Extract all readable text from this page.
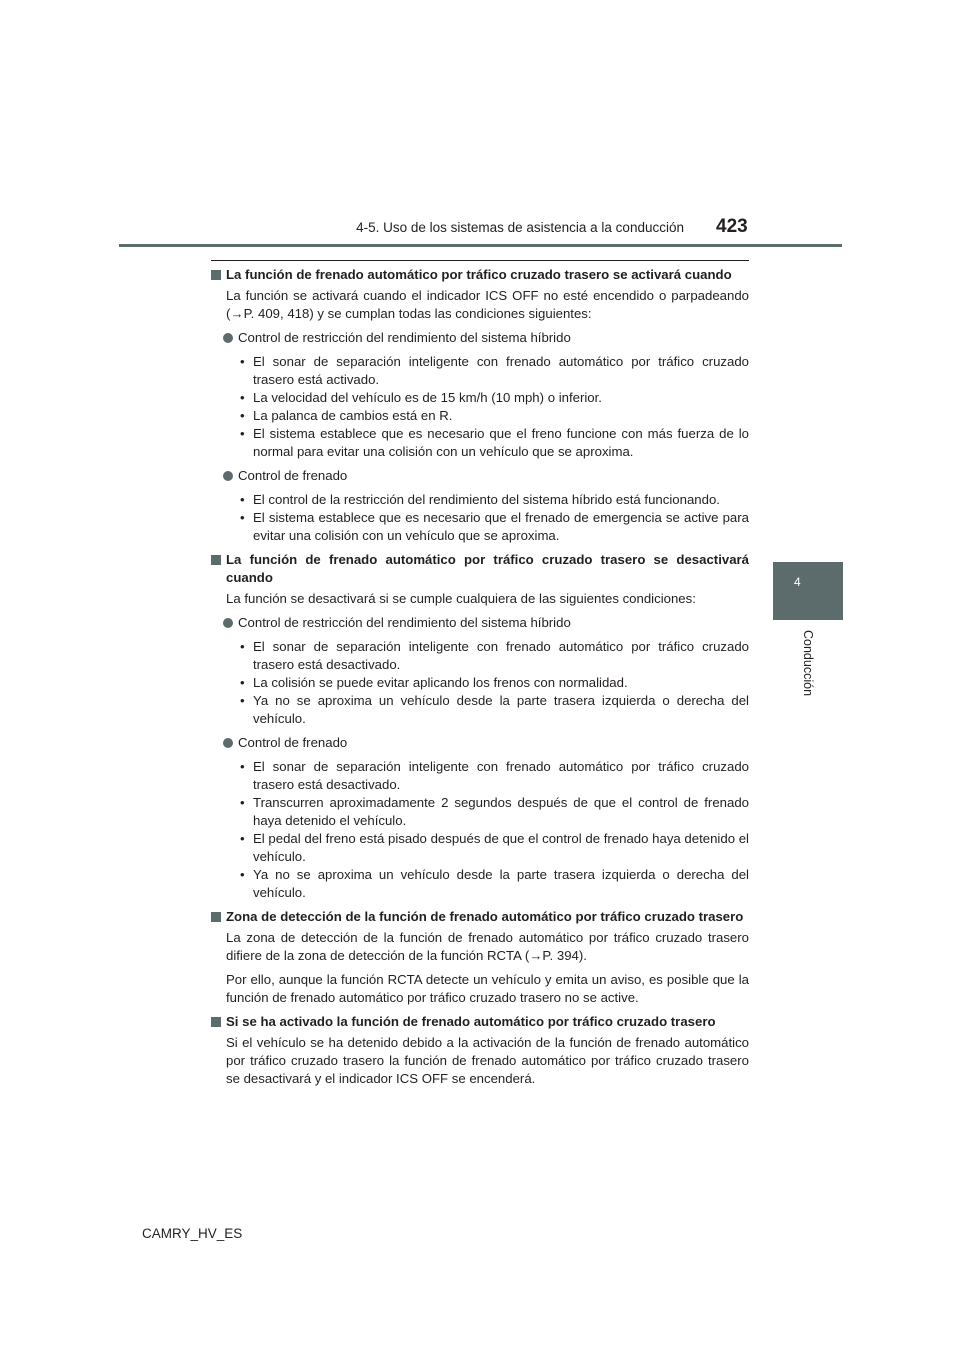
4-5. Uso de los sistemas de asistencia a la conducción 423
4
Conducción
La función de frenado automático por tráfico cruzado trasero se activará cuando
La función se activará cuando el indicador ICS OFF no esté encendido o parpadeando (→P. 409, 418) y se cumplan todas las condiciones siguientes:
Control de restricción del rendimiento del sistema híbrido
• El sonar de separación inteligente con frenado automático por tráfico cruzado trasero está activado.
• La velocidad del vehículo es de 15 km/h (10 mph) o inferior.
• La palanca de cambios está en R.
• El sistema establece que es necesario que el freno funcione con más fuerza de lo normal para evitar una colisión con un vehículo que se aproxima.
Control de frenado
• El control de la restricción del rendimiento del sistema híbrido está funcionando.
• El sistema establece que es necesario que el frenado de emergencia se active para evitar una colisión con un vehículo que se aproxima.
La función de frenado automático por tráfico cruzado trasero se desactivará cuando
La función se desactivará si se cumple cualquiera de las siguientes condiciones:
Control de restricción del rendimiento del sistema híbrido
• El sonar de separación inteligente con frenado automático por tráfico cruzado trasero está desactivado.
• La colisión se puede evitar aplicando los frenos con normalidad.
• Ya no se aproxima un vehículo desde la parte trasera izquierda o derecha del vehículo.
Control de frenado
• El sonar de separación inteligente con frenado automático por tráfico cruzado trasero está desactivado.
• Transcurren aproximadamente 2 segundos después de que el control de frenado haya detenido el vehículo.
• El pedal del freno está pisado después de que el control de frenado haya detenido el vehículo.
• Ya no se aproxima un vehículo desde la parte trasera izquierda o derecha del vehículo.
Zona de detección de la función de frenado automático por tráfico cruzado trasero
La zona de detección de la función de frenado automático por tráfico cruzado trasero difiere de la zona de detección de la función RCTA (→P. 394).
Por ello, aunque la función RCTA detecte un vehículo y emita un aviso, es posible que la función de frenado automático por tráfico cruzado trasero no se active.
Si se ha activado la función de frenado automático por tráfico cruzado trasero
Si el vehículo se ha detenido debido a la activación de la función de frenado automático por tráfico cruzado trasero la función de frenado automático por tráfico cruzado trasero se desactivará y el indicador ICS OFF se encenderá.
CAMRY_HV_ES
